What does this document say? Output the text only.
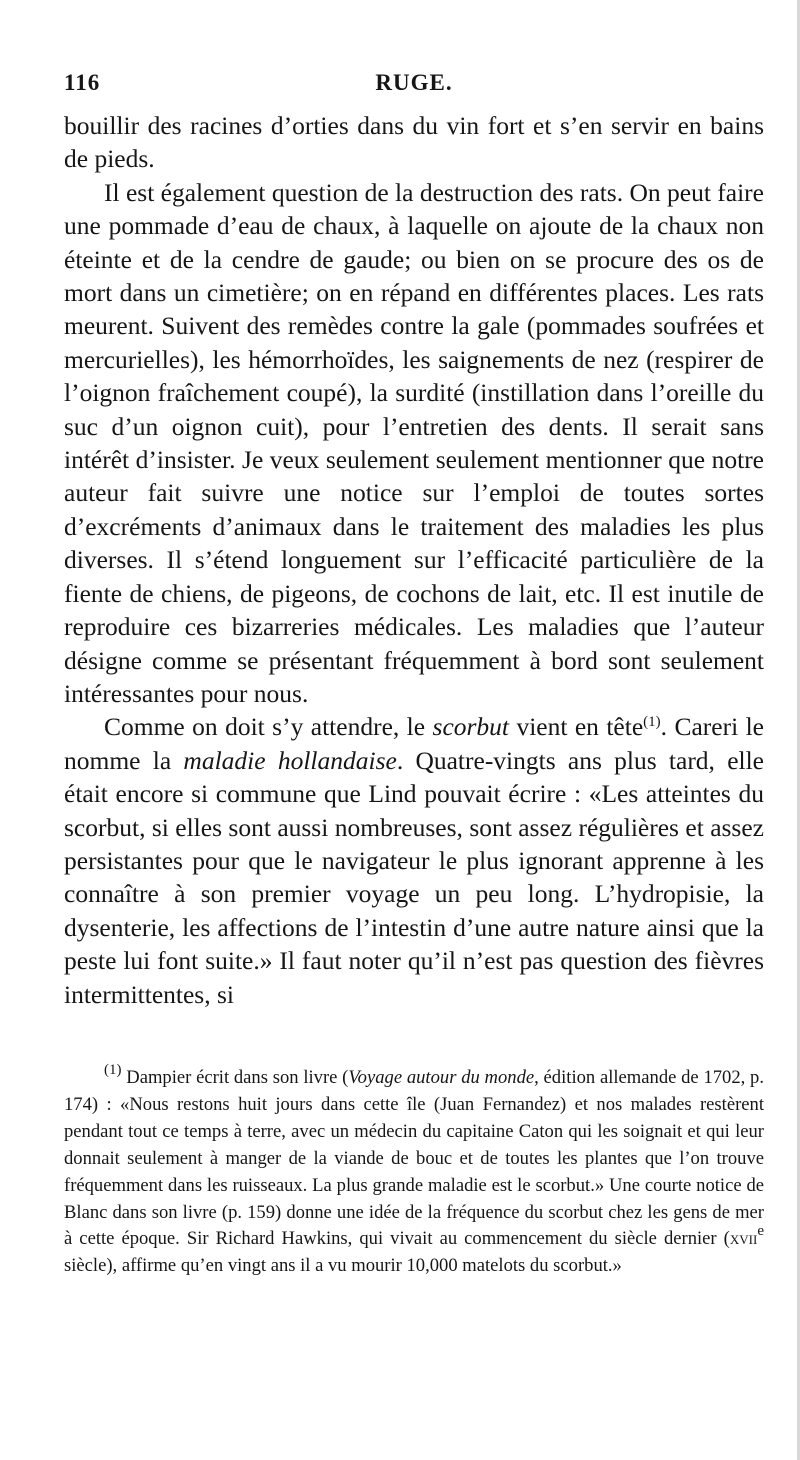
116	RUGE.

bouillir des racines d’orties dans du vin fort et s’en servir en bains de pieds.

Il est également question de la destruction des rats. On peut faire une pommade d’eau de chaux, à laquelle on ajoute de la chaux non éteinte et de la cendre de gaude; ou bien on se procure des os de mort dans un cimetière; on en répand en différentes places. Les rats meurent. Suivent des remèdes contre la gale (pommades soufrées et mercurielles), les hémorrhoïdes, les saignements de nez (respirer de l’oignon fraîchement coupé), la surdité (instillation dans l’oreille du suc d’un oignon cuit), pour l’entretien des dents. Il serait sans intérêt d’insister. Je veux seulement seulement mentionner que notre auteur fait suivre une notice sur l’emploi de toutes sortes d’excréments d’animaux dans le traitement des maladies les plus diverses. Il s’étend longuement sur l’efficacité particulière de la fiente de chiens, de pigeons, de cochons de lait, etc. Il est inutile de reproduire ces bizarreries médicales. Les maladies que l’auteur désigne comme se présentant fréquemment à bord sont seulement intéressantes pour nous.

Comme on doit s’y attendre, le scorbut vient en tête$^{(1)}$. Careri le nomme la maladie hollandaise. Quatre-vingts ans plus tard, elle était encore si commune que Lind pouvait écrire : «Les atteintes du scorbut, si elles sont aussi nombreuses, sont assez régulières et assez persistantes pour que le navigateur le plus ignorant apprenne à les connaître à son premier voyage un peu long. L’hydropisie, la dysenterie, les affections de l’intestin d’une autre nature ainsi que la peste lui font suite.» Il faut noter qu’il n’est pas question des fièvres intermittentes, si

$^{(1)}$ Dampier écrit dans son livre (Voyage autour du monde, édition allemande de 1702, p. 174) : «Nous restons huit jours dans cette île (Juan Fernandez) et nos malades restèrent pendant tout ce temps à terre, avec un médecin du capitaine Caton qui les soignait et qui leur donnait seulement à manger de la viande de bouc et de toutes les plantes que l’on trouve fréquemment dans les ruisseaux. La plus grande maladie est le scorbut.» Une courte notice de Blanc dans son livre (p. 159) donne une idée de la fréquence du scorbut chez les gens de mer à cette époque. Sir Richard Hawkins, qui vivait au commencement du siècle dernier (xvii$^e$ siècle), affirme qu’en vingt ans il a vu mourir 10,000 matelots du scorbut.»
